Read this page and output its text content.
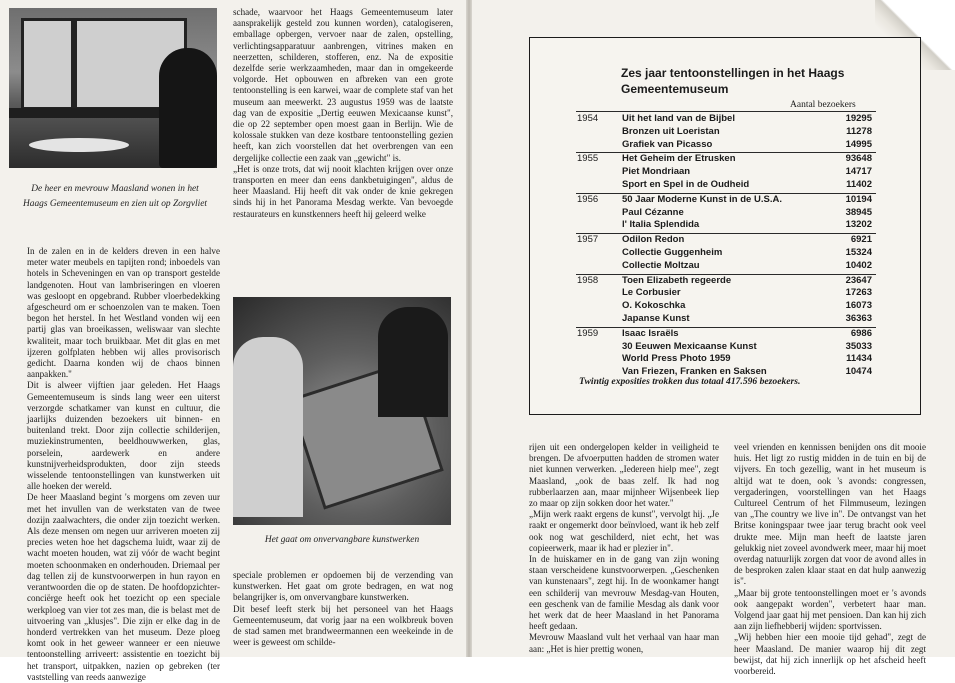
De heer en mevrouw Maasland wonen in het Haags Gemeentemuseum en zien uit op Zorgvliet

In de zalen en in de kelders dreven in een halve meter water meubels en tapijten rond; inboedels van hotels in Scheveningen en van op transport gestelde landgenoten. Hout van lambriseringen en vloeren was gesloopt en opgebrand. Rubber vloerbedekking afgescheurd om er schoenzolen van te maken. Toen begon het herstel. In het Westland vonden wij een partij glas van broeikassen, weliswaar van slechte kwaliteit, maar toch bruikbaar. Met dit glas en met ijzeren golfplaten hebben wij alles provisorisch gedicht. Daarna konden wij de chaos binnen aanpakken."
Dit is alweer vijftien jaar geleden. Het Haags Gemeentemuseum is sinds lang weer een uiterst verzorgde schatkamer van kunst en cultuur, die jaarlijks duizenden bezoekers uit binnen- en buitenland trekt. Door zijn collectie schilderijen, muziekinstrumenten, beeldhouwwerken, glas, porselein, aardewerk en andere kunstnijverheidsprodukten, door zijn steeds wisselende tentoonstellingen van kunstwerken uit alle hoeken der wereld.
De heer Maasland begint 's morgens om zeven uur met het invullen van de werkstaten van de twee dozijn zaalwachters, die onder zijn toezicht werken. Als deze mensen om negen uur arriveren moeten zij precies weten hoe het dagschema luidt, waar zij de wacht moeten houden, wat zij vóór de wacht begint moeten schoonmaken en onderhouden. Driemaal per dag tellen zij de kunstvoorwerpen in hun rayon en verantwoorden die op de staten. De hoofdopzichter-conciërge heeft ook het toezicht op een speciale werkploeg van vier tot zes man, die is belast met de uitvoering van „klusjes". Die zijn er elke dag in de honderd vertrekken van het museum. Deze ploeg komt ook in het geweer wanneer er een nieuwe tentoonstelling arriveert: assistentie en toezicht bij het transport, uitpakken, nazien op gebreken (ter vaststelling van reeds aanwezige

schade, waarvoor het Haags Gemeentemuseum later aansprakelijk gesteld zou kunnen worden), catalogiseren, emballage opbergen, vervoer naar de zalen, opstelling, verlichtingsapparatuur aanbrengen, vitrines maken en neerzetten, schilderen, stofferen, enz. Na de expositie dezelfde serie werkzaamheden, maar dan in omgekeerde volgorde. Het opbouwen en afbreken van een grote tentoonstelling is een karwei, waar de complete staf van het museum aan meewerkt. 23 augustus 1959 was de laatste dag van de expositie „Dertig eeuwen Mexicaanse kunst", die op 22 september open moest gaan in Berlijn. Wie de kolossale stukken van deze kostbare tentoonstelling gezien heeft, kan zich voorstellen dat het overbrengen van een dergelijke collectie een zaak van „gewicht" is.
„Het is onze trots, dat wij nooit klachten krijgen over onze transporten en meer dan eens dankbetuigingen", aldus de heer Maasland. Hij heeft dit vak onder de knie gekregen sinds hij in het Panorama Mesdag werkte. Van bevoegde restaurateurs en kunstkenners heeft hij geleerd welke

Het gaat om onvervangbare kunstwerken

speciale problemen er opdoemen bij de verzending van kunstwerken. Het gaat om grote bedragen, en wat nog belangrijker is, om onvervangbare kunstwerken.
Dit besef leeft sterk bij het personeel van het Haags Gemeentemuseum, dat vorig jaar na een wolkbreuk boven de stad samen met brandweermannen een weekeinde in de weer is geweest om schilde-

Zes jaar tentoonstellingen in het Haags Gemeentemuseum
Aantal bezoekers
1954	Uit het land van de Bijbel	19295
Bronzen uit Loeristan	11278
Grafiek van Picasso	14995
1955	Het Geheim der Etrusken	93648
Piet Mondriaan	14717
Sport en Spel in de Oudheid	11402
1956	50 Jaar Moderne Kunst in de U.S.A.	10194
Paul Cézanne	38945
l' Italia Splendida	13202
1957	Odilon Redon	6921
Collectie Guggenheim	15324
Collectie Moltzau	10402
1958	Toen Elizabeth regeerde	23647
Le Corbusier	17263
O. Kokoschka	16073
Japanse Kunst	36363
1959	Isaac Israëls	6986
30 Eeuwen Mexicaanse Kunst	35033
World Press Photo 1959	11434
Van Friezen, Franken en Saksen	10474
Twintig exposities trokken dus totaal 417.596 bezoekers.

rijen uit een ondergelopen kelder in veiligheid te brengen. De afvoerputten hadden de stromen water niet kunnen verwerken. „Iedereen hielp mee", zegt Maasland, „ook de baas zelf. Ik had nog rubberlaarzen aan, maar mijnheer Wijsenbeek liep zo maar op zijn sokken door het water."
„Mijn werk raakt ergens de kunst", vervolgt hij. „Je raakt er ongemerkt door beïnvloed, want ik heb zelf ook nog wat geschilderd, niet echt, het was copieerwerk, maar ik had er plezier in".
In de huiskamer en in de gang van zijn woning staan verscheidene kunstvoorwerpen. „Geschenken van kunstenaars", zegt hij. In de woonkamer hangt een schilderij van mevrouw Mesdag-van Houten, een geschenk van de familie Mesdag als dank voor het werk dat de heer Maasland in het Panorama heeft gedaan.
Mevrouw Maasland vult het verhaal van haar man aan: „Het is hier prettig wonen,

veel vrienden en kennissen benijden ons dit mooie huis. Het ligt zo rustig midden in de tuin en bij de vijvers. En toch gezellig, want in het museum is altijd wat te doen, ook 's avonds: congressen, vergaderingen, voorstellingen van het Haags Cultureel Centrum of het Filmmuseum, lezingen van „The country we live in". De ontvangst van het Britse koningspaar twee jaar terug bracht ook veel drukte mee. Mijn man heeft de laatste jaren gelukkig niet zoveel avondwerk meer, maar hij moet overdag natuurlijk zorgen dat voor de avond alles in de besproken zalen klaar staat en dat hulp aanwezig is".
„Maar bij grote tentoonstellingen moet er 's avonds ook aangepakt worden", verbetert haar man. Volgend jaar gaat hij met pensioen. Dan kan hij zich aan zijn liefhebberij wijden: sportvissen.
„Wij hebben hier een mooie tijd gehad", zegt de heer Maasland. De manier waarop hij dit zegt bewijst, dat hij zich innerlijk op het afscheid heeft voorbereid.
